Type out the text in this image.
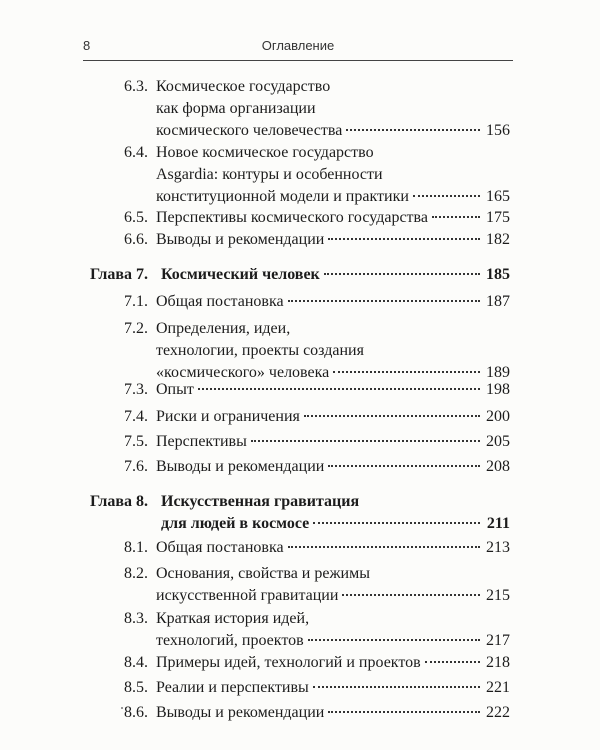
8	Оглавление
6.3. Космическое государство
как форма организации
космического человечества	156
6.4. Новое космическое государство
Asgardia: контуры и особенности
конституционной модели и практики	165
6.5. Перспективы космического государства	175
6.6. Выводы и рекомендации	182
Глава 7. Космический человек	185
7.1. Общая постановка	187
7.2. Определения, идеи,
технологии, проекты создания
«космического» человека	189
7.3. Опыт	198
7.4. Риски и ограничения	200
7.5. Перспективы	205
7.6. Выводы и рекомендации	208
Глава 8. Искусственная гравитация
для людей в космосе	211
8.1. Общая постановка	213
8.2. Основания, свойства и режимы
искусственной гравитации	215
8.3. Краткая история идей,
технологий, проектов	217
8.4. Примеры идей, технологий и проектов	218
8.5. Реалии и перспективы	221
8.6. Выводы и рекомендации	222
